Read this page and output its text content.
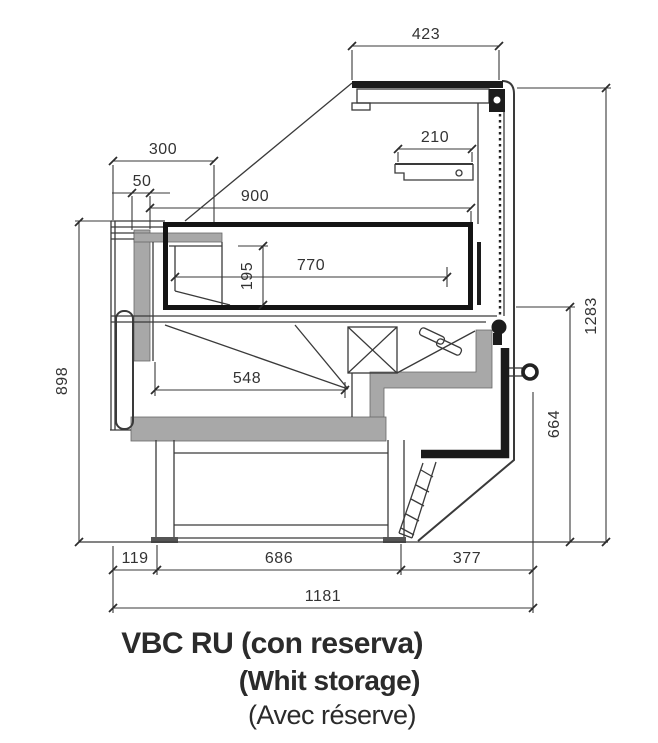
423
210
300
50
900
770
195
548
898
664
1283
119	686	377
1181
VBC RU (con reserva)
(Whit storage)
(Avec réserve)
